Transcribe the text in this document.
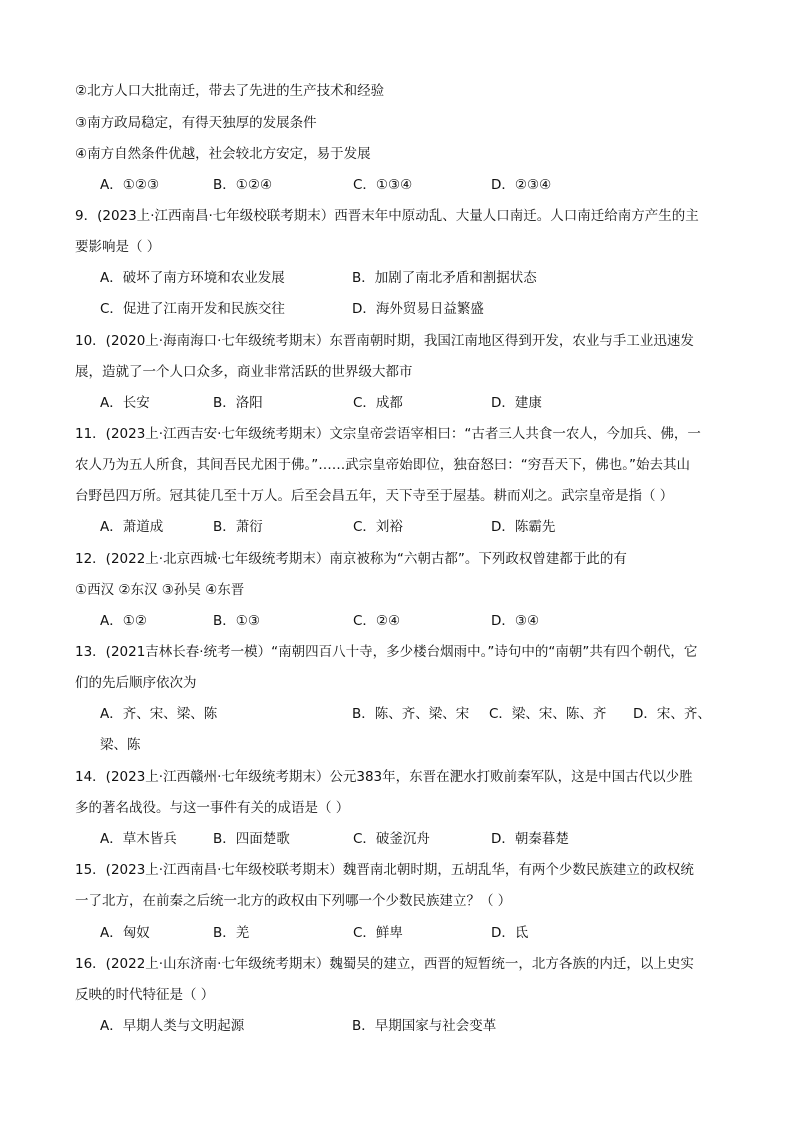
②北方人口大批南迁，带去了先进的生产技术和经验
③南方政局稳定，有得天独厚的发展条件
④南方自然条件优越，社会较北方安定，易于发展
A．①②③	B．①②④	C．①③④	D．②③④
9．(2023上·江西南昌·七年级校联考期末）西晋末年中原动乱、大量人口南迁。人口南迁给南方产生的主
要影响是（ ）
A．破坏了南方环境和农业发展	B．加剧了南北矛盾和割据状态
C．促进了江南开发和民族交往	D．海外贸易日益繁盛
10．(2020上·海南海口·七年级统考期末）东晋南朝时期，我国江南地区得到开发，农业与手工业迅速发
展，造就了一个人口众多，商业非常活跃的世界级大都市
A．长安	B．洛阳	C．成都	D．建康
11．(2023上·江西吉安·七年级统考期末）文宗皇帝尝语宰相曰：“古者三人共食一农人，今加兵、佛，一
农人乃为五人所食，其间吾民尤困于佛。”……武宗皇帝始即位，独奋怒曰：“穷吾天下，佛也。”始去其山
台野邑四万所。冠其徒几至十万人。后至会昌五年，天下寺至于屋基。耕而刈之。武宗皇帝是指（ ）
A．萧道成	B．萧衍	C．刘裕	D．陈霸先
12．(2022上·北京西城·七年级统考期末）南京被称为“六朝古都”。下列政权曾建都于此的有
①西汉 ②东汉 ③孙吴 ④东晋
A．①②	B．①③	C．②④	D．③④
13．(2021吉林长春·统考一模）“南朝四百八十寺，多少楼台烟雨中。”诗句中的“南朝”共有四个朝代，它
们的先后顺序依次为
A．齐、宋、梁、陈	B．陈、齐、梁、宋 C．梁、宋、陈、齐 D．宋、齐、
梁、陈
14．(2023上·江西赣州·七年级统考期末）公元383年，东晋在淝水打败前秦军队，这是中国古代以少胜
多的著名战役。与这一事件有关的成语是（ ）
A．草木皆兵	B．四面楚歌	C．破釜沉舟	D．朝秦暮楚
15．(2023上·江西南昌·七年级校联考期末）魏晋南北朝时期，五胡乱华，有两个少数民族建立的政权统
一了北方，在前秦之后统一北方的政权由下列哪一个少数民族建立？（ ）
A．匈奴	B．羌	C．鲜卑	D．氐
16．(2022上·山东济南·七年级统考期末）魏蜀吴的建立，西晋的短暂统一，北方各族的内迁，以上史实
反映的时代特征是（ ）
A．早期人类与文明起源	B．早期国家与社会变革
